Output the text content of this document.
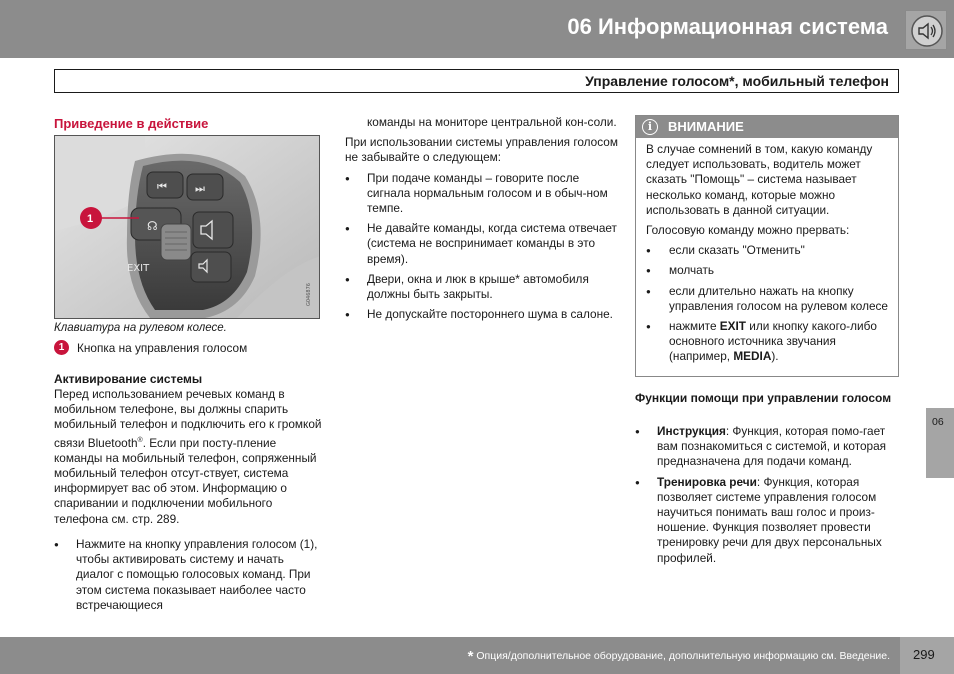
06 Информационная система
Управление голосом*, мобильный телефон
Приведение в действие
⏮	⏭
☊
EXIT
1
G046876
Клавиатура на рулевом колесе.
1	Кнопка на управления голосом
Активирование системы

Перед использованием речевых команд в мобильном телефоне, вы должны спарить мобильный телефон и подключить его к громкой связи Bluetooth®. Если при посту-пление команды на мобильный телефон, сопряженный мобильный телефон отсут-ствует, система информирует вас об этом. Информацию о спаривании и подключении мобильного телефона см. стр. 289.

● Нажмите на кнопку управления голосом (1), чтобы активировать систему и начать диалог с помощью голосовых команд. При этом система показывает наиболее часто встречающиеся
команды на мониторе центральной кон-соли.

При использовании системы управления голосом не забывайте о следующем:

● При подаче команды – говорите после сигнала нормальным голосом и в обыч-ном темпе.
● Не давайте команды, когда система отвечает (система не воспринимает команды в это время).
● Двери, окна и люк в крыше* автомобиля должны быть закрыты.
● Не допускайте постороннего шума в салоне.
i	ВНИМАНИЕ

В случае сомнений в том, какую команду следует использовать, водитель может сказать "Помощь" – система называет несколько команд, которые можно использовать в данной ситуации.

Голосовую команду можно прервать:

● если сказать "Отменить"
● молчать
● если длительно нажать на кнопку управления голосом на рулевом колесе
● нажмите EXIT или кнопку какого-либо основного источника звучания (например, MEDIA).
Функции помощи при управлении голосом
● Инструкция: Функция, которая помо-гает вам познакомиться с системой, и которая предназначена для подачи команд.
● Тренировка речи: Функция, которая позволяет системе управления голосом научиться понимать ваш голос и произ-ношение. Функция позволяет провести тренировку речи для двух персональных профилей.
06
* Опция/дополнительное оборудование, дополнительную информацию см. Введение. 299
